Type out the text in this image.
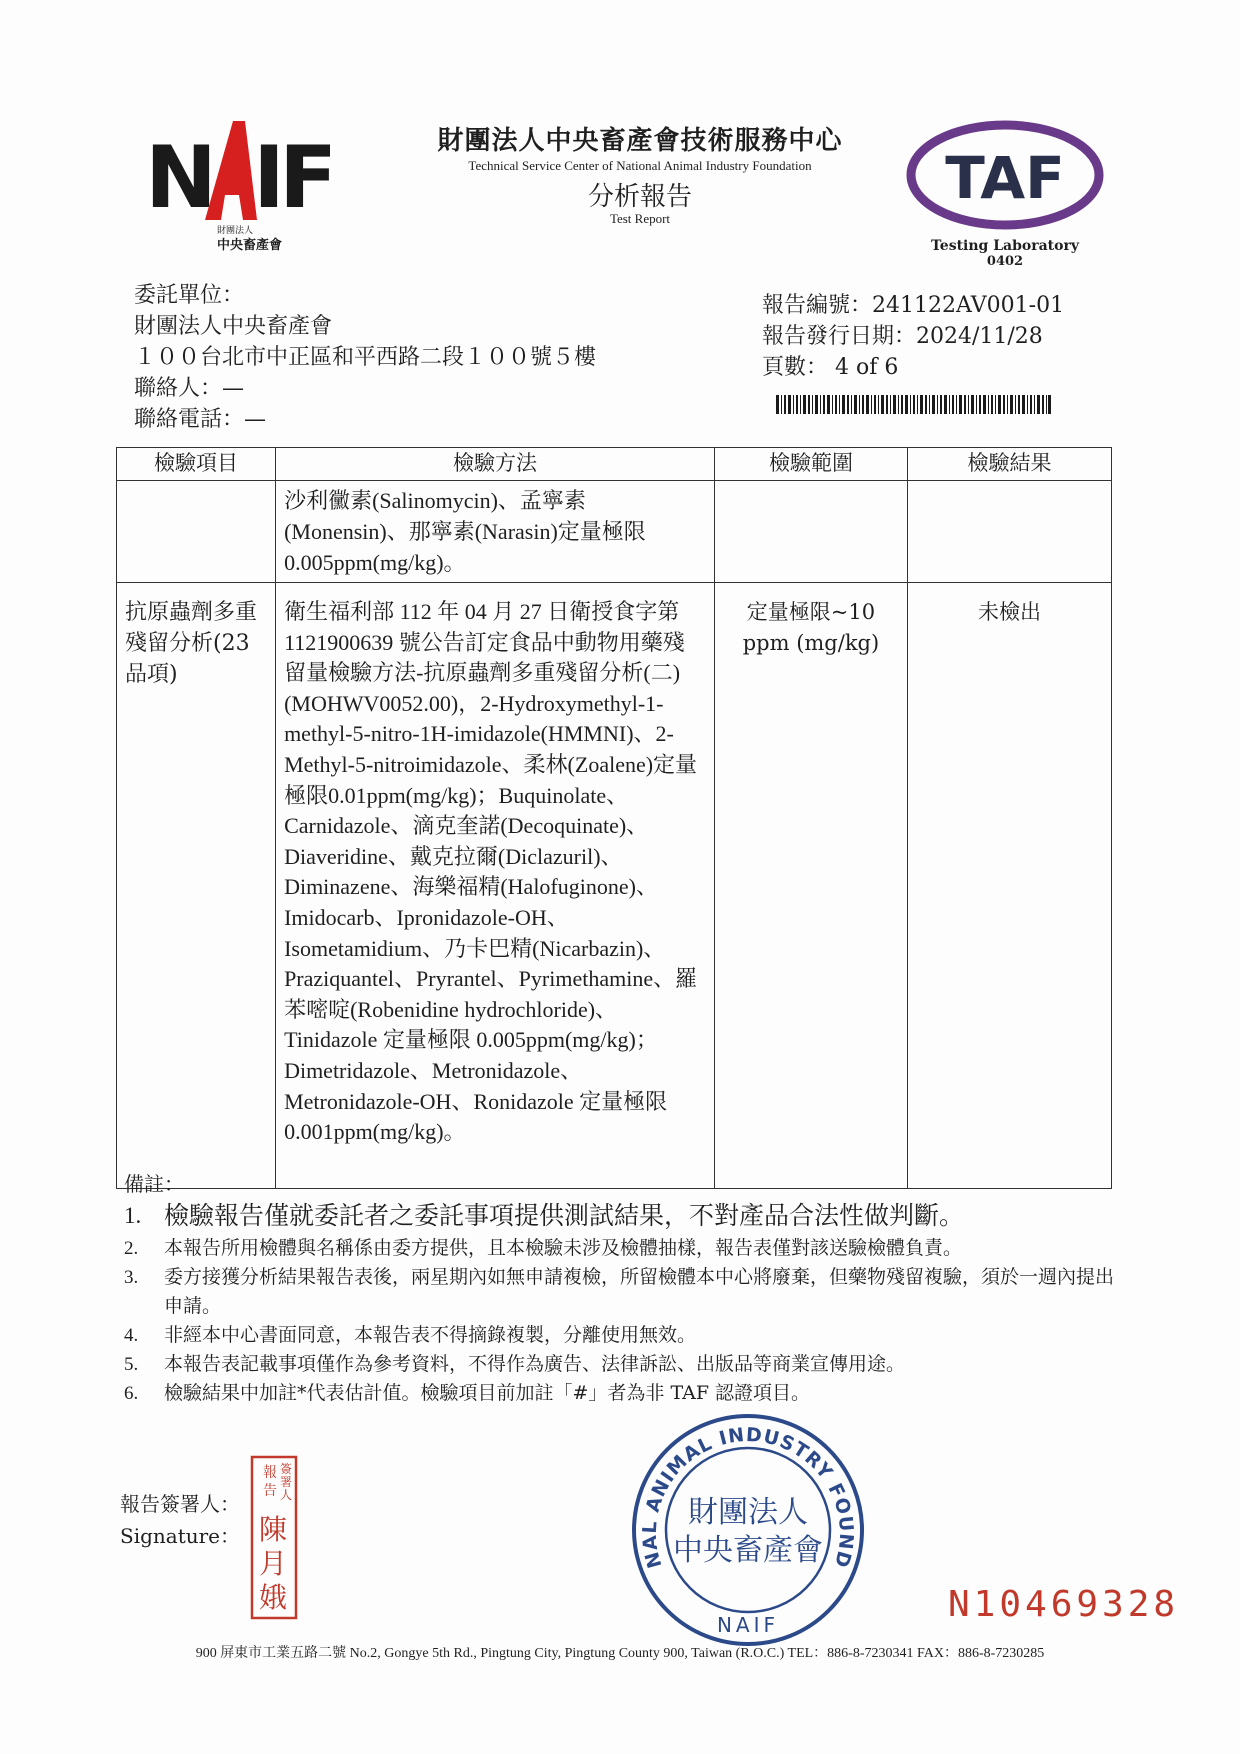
N IF
財團法人
中央畜產會
財團法人中央畜產會技術服務中心
Technical Service Center of National Animal Industry Foundation
分析報告
Test Report
TAF
Testing Laboratory
0402
委託單位：
財團法人中央畜產會
１００台北市中正區和平西路二段１００號５樓
聯絡人：—
聯絡電話：—
報告編號：241122AV001-01
報告發行日期：2024/11/28
頁數： 4 of 6
檢驗項目	檢驗方法	檢驗範圍	檢驗結果
	沙利黴素(Salinomycin)、孟寧素(Monensin)、那寧素(Narasin)定量極限0.005ppm(mg/kg)。		
抗原蟲劑多重殘留分析(23 品項)	衛生福利部 112 年 04 月 27 日衛授食字第 1121900639 號公告訂定食品中動物用藥殘留量檢驗方法-抗原蟲劑多重殘留分析(二) (MOHWV0052.00)，2-Hydroxymethyl-1-methyl-5-nitro-1H-imidazole(HMMNI)、2-Methyl-5-nitroimidazole、柔林(Zoalene)定量極限0.01ppm(mg/kg)；Buquinolate、Carnidazole、滴克奎諾(Decoquinate)、Diaveridine、戴克拉爾(Diclazuril)、Diminazene、海樂福精(Halofuginone)、Imidocarb、Ipronidazole-OH、Isometamidium、乃卡巴精(Nicarbazin)、Praziquantel、Pryrantel、Pyrimethamine、羅苯嘧啶(Robenidine hydrochloride)、Tinidazole 定量極限 0.005ppm(mg/kg)；Dimetridazole、Metronidazole、Metronidazole-OH、Ronidazole 定量極限0.001ppm(mg/kg)。	定量極限~10 ppm (mg/kg)	未檢出
備註：
1. 檢驗報告僅就委託者之委託事項提供測試結果，不對產品合法性做判斷。
2.	本報告所用檢體與名稱係由委方提供，且本檢驗未涉及檢體抽樣，報告表僅對該送驗檢體負責。
3.	委方接獲分析結果報告表後，兩星期內如無申請複檢，所留檢體本中心將廢棄，但藥物殘留複驗，須於一週內提出申請。
4.	非經本中心書面同意，本報告表不得摘錄複製，分離使用無效。
5.	本報告表記載事項僅作為參考資料，不得作為廣告、法律訴訟、出版品等商業宣傳用途。
6.	檢驗結果中加註*代表估計值。檢驗項目前加註「#」者為非 TAF 認證項目。
報告簽署人：
Signature：
報
告
簽
署
人
陳
月
娥
NAL ANIMAL INDUSTRY FOUND
財團法人
中央畜產會
NAIF	N10469328
900 屏東市工業五路二號 No.2, Gongye 5th Rd., Pingtung City, Pingtung County 900, Taiwan (R.O.C.) TEL：886-8-7230341 FAX：886-8-7230285
